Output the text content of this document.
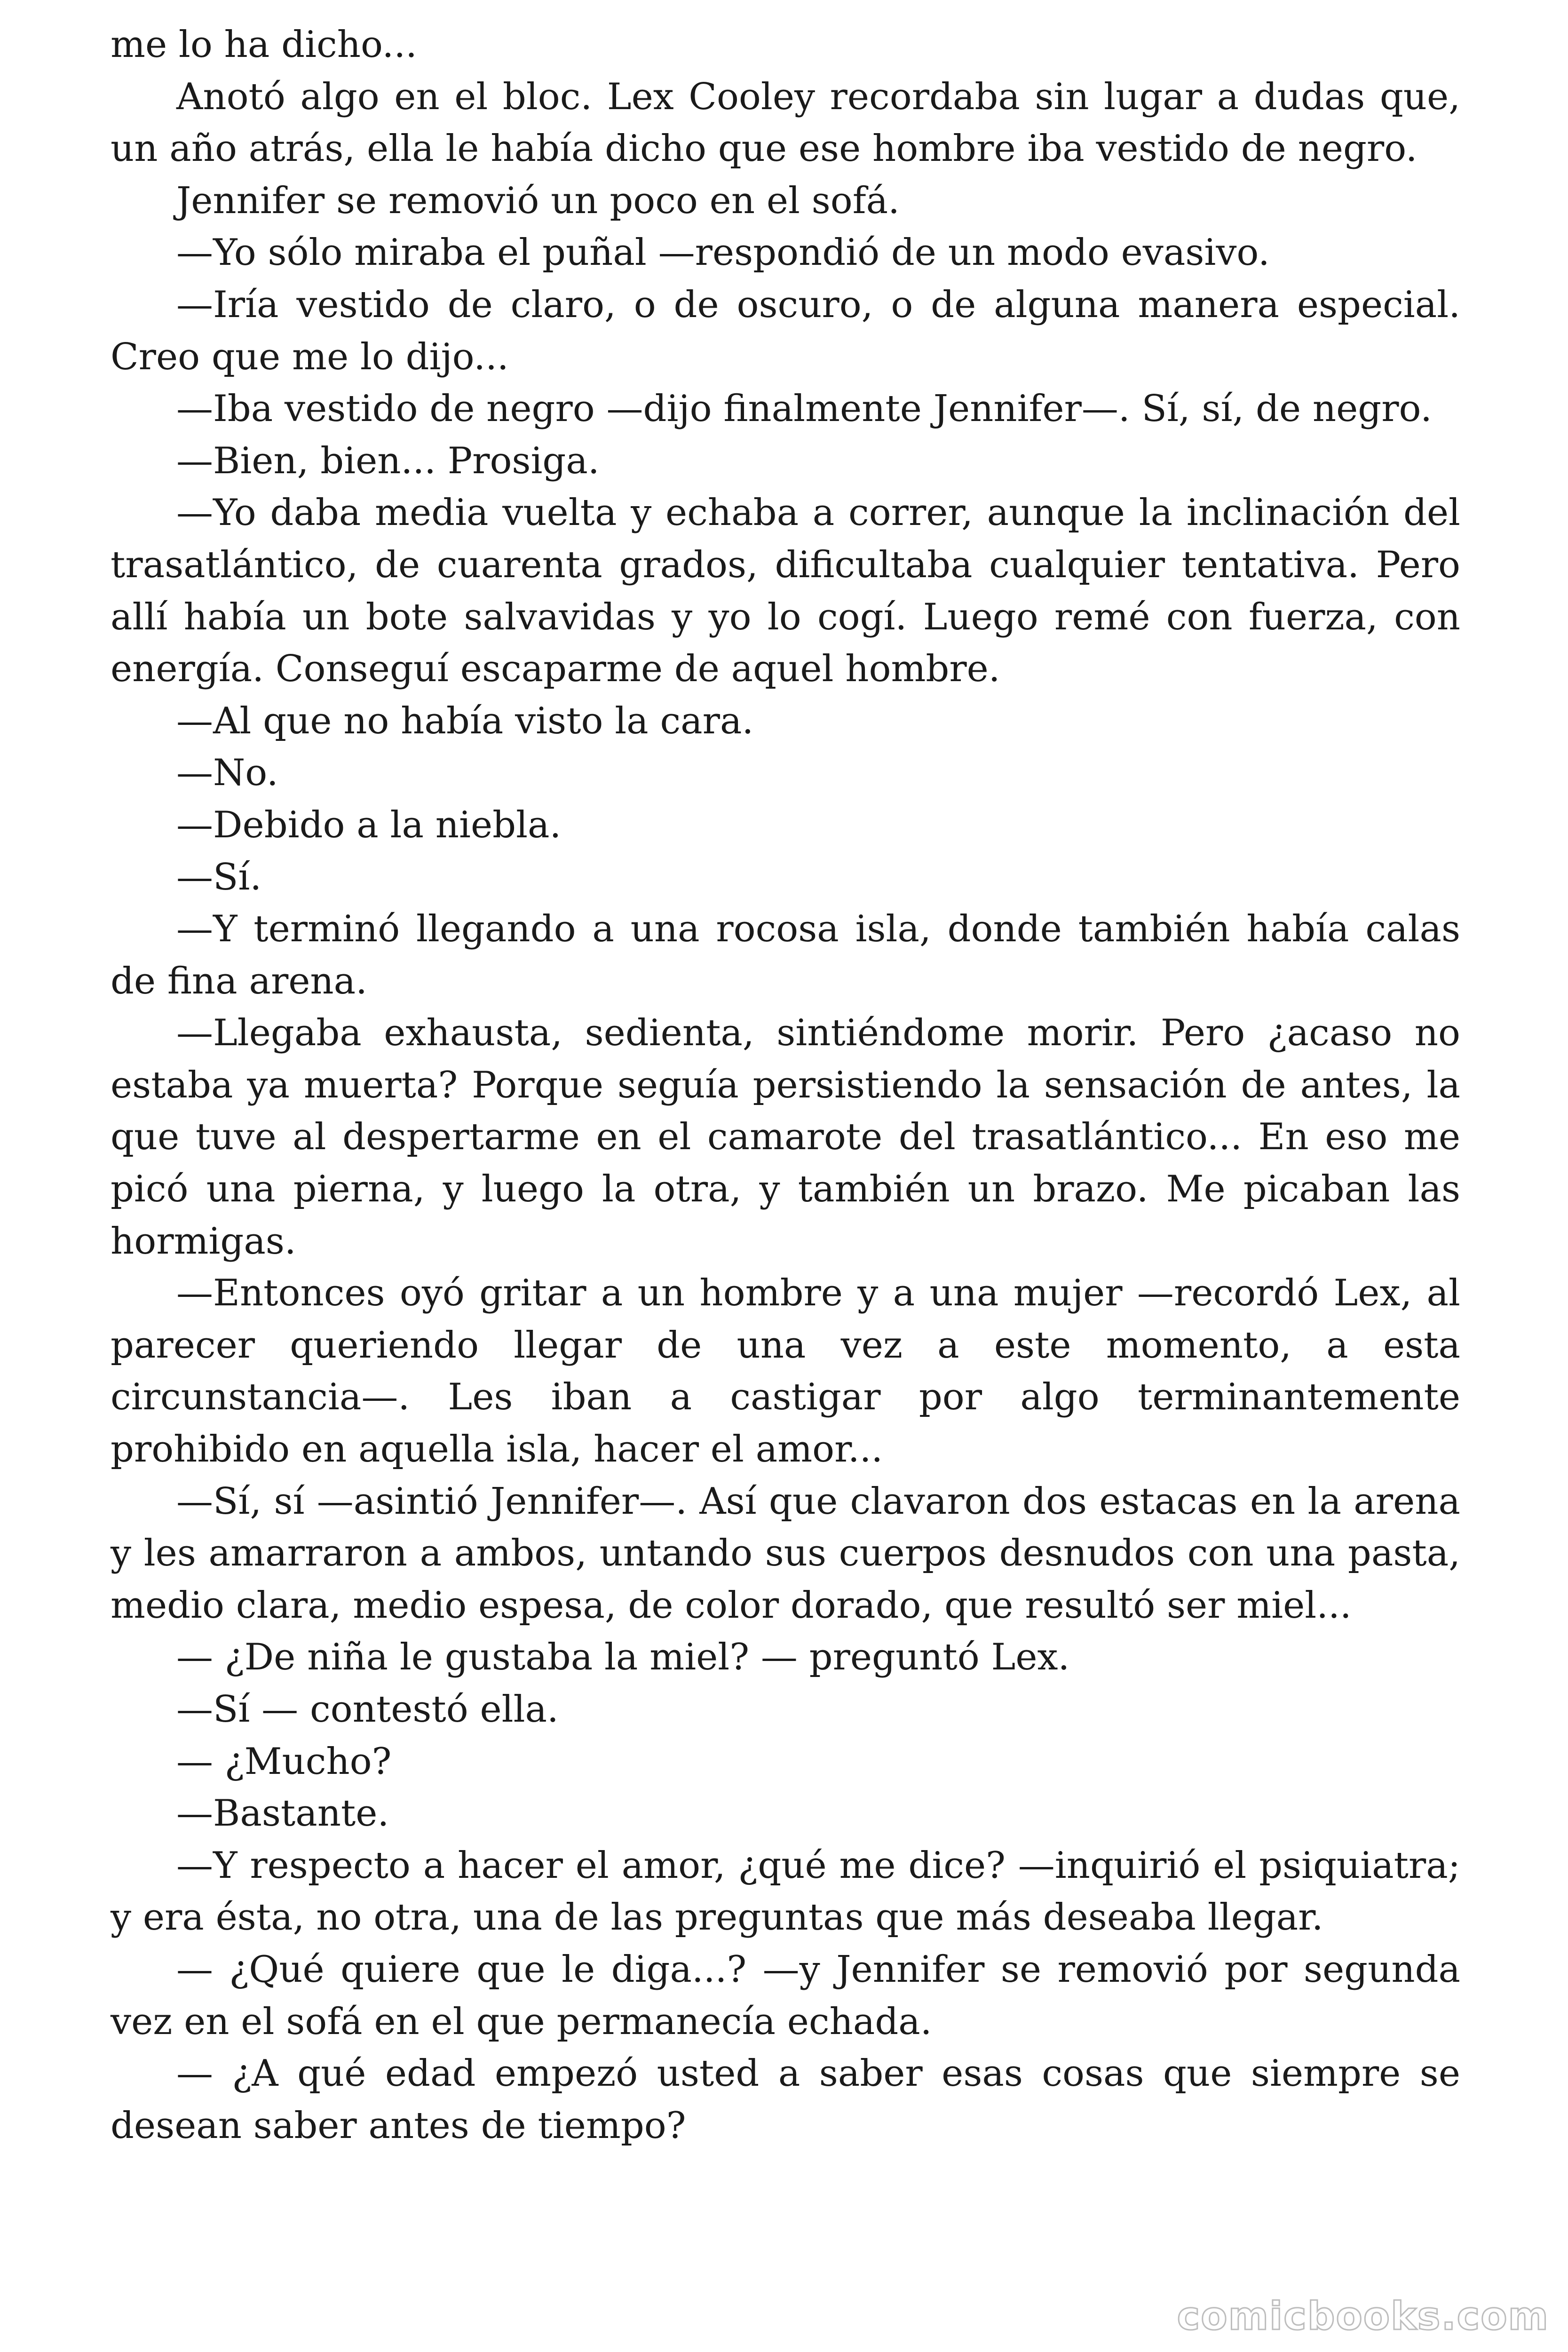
me lo ha dicho...

Anotó algo en el bloc. Lex Cooley recordaba sin lugar a dudas que, un año atrás, ella le había dicho que ese hombre iba vestido de negro.

Jennifer se removió un poco en el sofá.

—Yo sólo miraba el puñal —respondió de un modo evasivo.

—Iría vestido de claro, o de oscuro, o de alguna manera especial. Creo que me lo dijo...

—Iba vestido de negro —dijo finalmente Jennifer—. Sí, sí, de negro.

—Bien, bien... Prosiga.

—Yo daba media vuelta y echaba a correr, aunque la inclinación del trasatlántico, de cuarenta grados, dificultaba cualquier tentativa. Pero allí había un bote salvavidas y yo lo cogí. Luego remé con fuerza, con energía. Conseguí escaparme de aquel hombre.

—Al que no había visto la cara.

—No.

—Debido a la niebla.

—Sí.

—Y terminó llegando a una rocosa isla, donde también había calas de fina arena.

—Llegaba exhausta, sedienta, sintiéndome morir. Pero ¿acaso no estaba ya muerta? Porque seguía persistiendo la sensación de antes, la que tuve al despertarme en el camarote del trasatlántico... En eso me picó una pierna, y luego la otra, y también un brazo. Me picaban las hormigas.

—Entonces oyó gritar a un hombre y a una mujer —recordó Lex, al parecer queriendo llegar de una vez a este momento, a esta circunstancia—. Les iban a castigar por algo terminantemente prohibido en aquella isla, hacer el amor...

—Sí, sí —asintió Jennifer—. Así que clavaron dos estacas en la arena y les amarraron a ambos, untando sus cuerpos desnudos con una pasta, medio clara, medio espesa, de color dorado, que resultó ser miel...

— ¿De niña le gustaba la miel? — preguntó Lex.

—Sí — contestó ella.

— ¿Mucho?

—Bastante.

—Y respecto a hacer el amor, ¿qué me dice? —inquirió el psiquiatra; y era ésta, no otra, una de las preguntas que más deseaba llegar.

— ¿Qué quiere que le diga...? —y Jennifer se removió por segunda vez en el sofá en el que permanecía echada.

— ¿A qué edad empezó usted a saber esas cosas que siempre se desean saber antes de tiempo?

comicbooks.com
